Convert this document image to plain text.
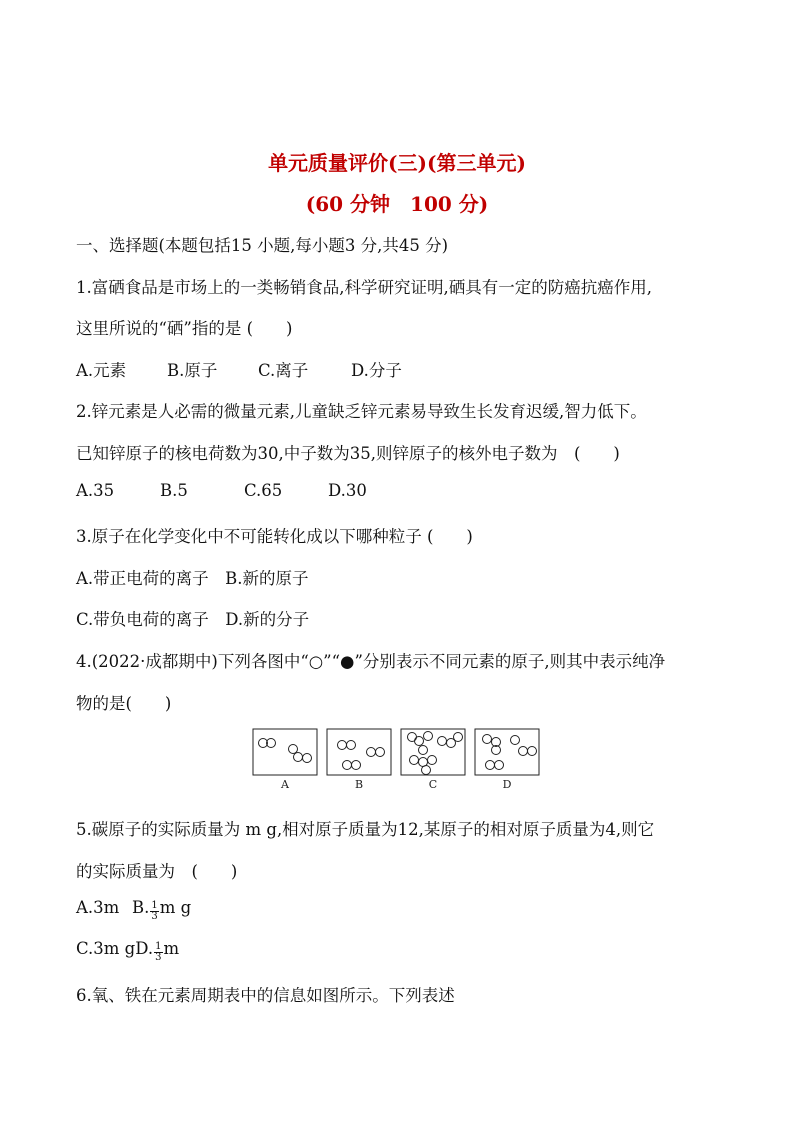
单元质量评价(三)(第三单元)
(60 分钟　100 分)
一、选择题(本题包括15 小题,每小题3 分,共45 分)
1.富硒食品是市场上的一类畅销食品,科学研究证明,硒具有一定的防癌抗癌作用,
这里所说的“硒”指的是 (　　)
A.元素 B.原子 C.离子	D.分子
2.锌元素是人必需的微量元素,儿童缺乏锌元素易导致生长发育迟缓,智力低下。
已知锌原子的核电荷数为30,中子数为35,则锌原子的核外电子数为　(　　)
A.35	B.5	C.65	D.30
3.原子在化学变化中不可能转化成以下哪种粒子 (　　)
A.带正电荷的离子　B.新的原子
C.带负电荷的离子　D.新的分子
4.(2022·成都期中)下列各图中“○”“●”分别表示不同元素的原子,则其中表示纯净
物的是(　　)
A	B	C	D
5.碳原子的实际质量为 m g,相对原子质量为12,某原子的相对原子质量为4,则它
的实际质量为　(　　)
A.3m B. $\frac{1}{3}$ m g
C.3m gD. $\frac{1}{3}$ m
6.氧、铁在元素周期表中的信息如图所示。下列表述
